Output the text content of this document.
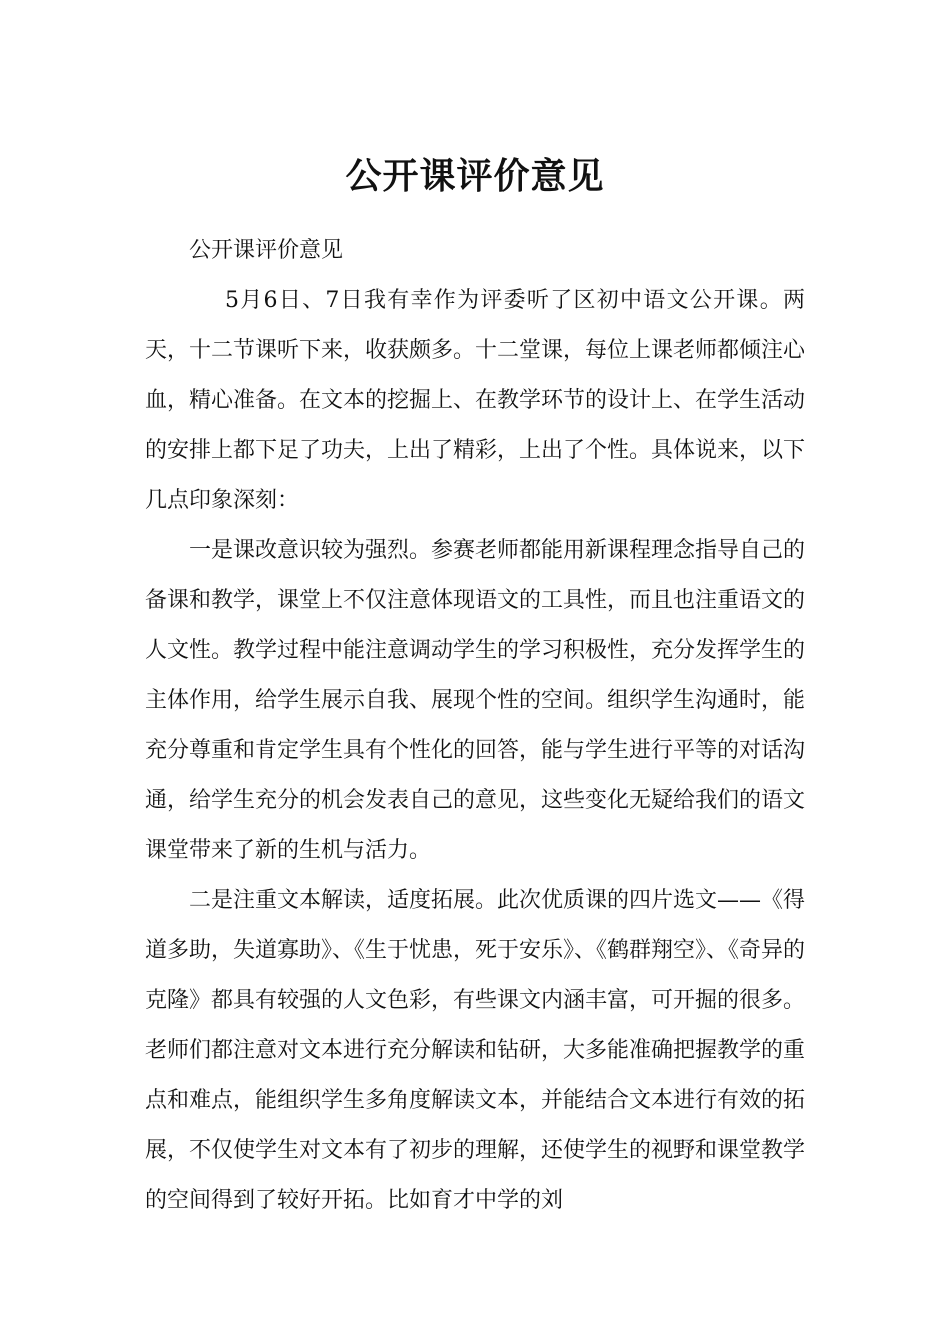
公开课评价意见

公开课评价意见

5月6日、7日我有幸作为评委听了区初中语文公开课。两天，十二节课听下来，收获颇多。十二堂课，每位上课老师都倾注心血，精心准备。在文本的挖掘上、在教学环节的设计上、在学生活动的安排上都下足了功夫，上出了精彩，上出了个性。具体说来，以下几点印象深刻：

一是课改意识较为强烈。参赛老师都能用新课程理念指导自己的备课和教学，课堂上不仅注意体现语文的工具性，而且也注重语文的人文性。教学过程中能注意调动学生的学习积极性，充分发挥学生的主体作用，给学生展示自我、展现个性的空间。组织学生沟通时，能充分尊重和肯定学生具有个性化的回答，能与学生进行平等的对话沟通，给学生充分的机会发表自己的意见，这些变化无疑给我们的语文课堂带来了新的生机与活力。

二是注重文本解读，适度拓展。此次优质课的四片选文——《得道多助，失道寡助》、《生于忧患，死于安乐》、《鹤群翔空》、《奇异的克隆》都具有较强的人文色彩，有些课文内涵丰富，可开掘的很多。老师们都注意对文本进行充分解读和钻研，大多能准确把握教学的重点和难点，能组织学生多角度解读文本，并能结合文本进行有效的拓展，不仅使学生对文本有了初步的理解，还使学生的视野和课堂教学的空间得到了较好开拓。比如育才中学的刘
